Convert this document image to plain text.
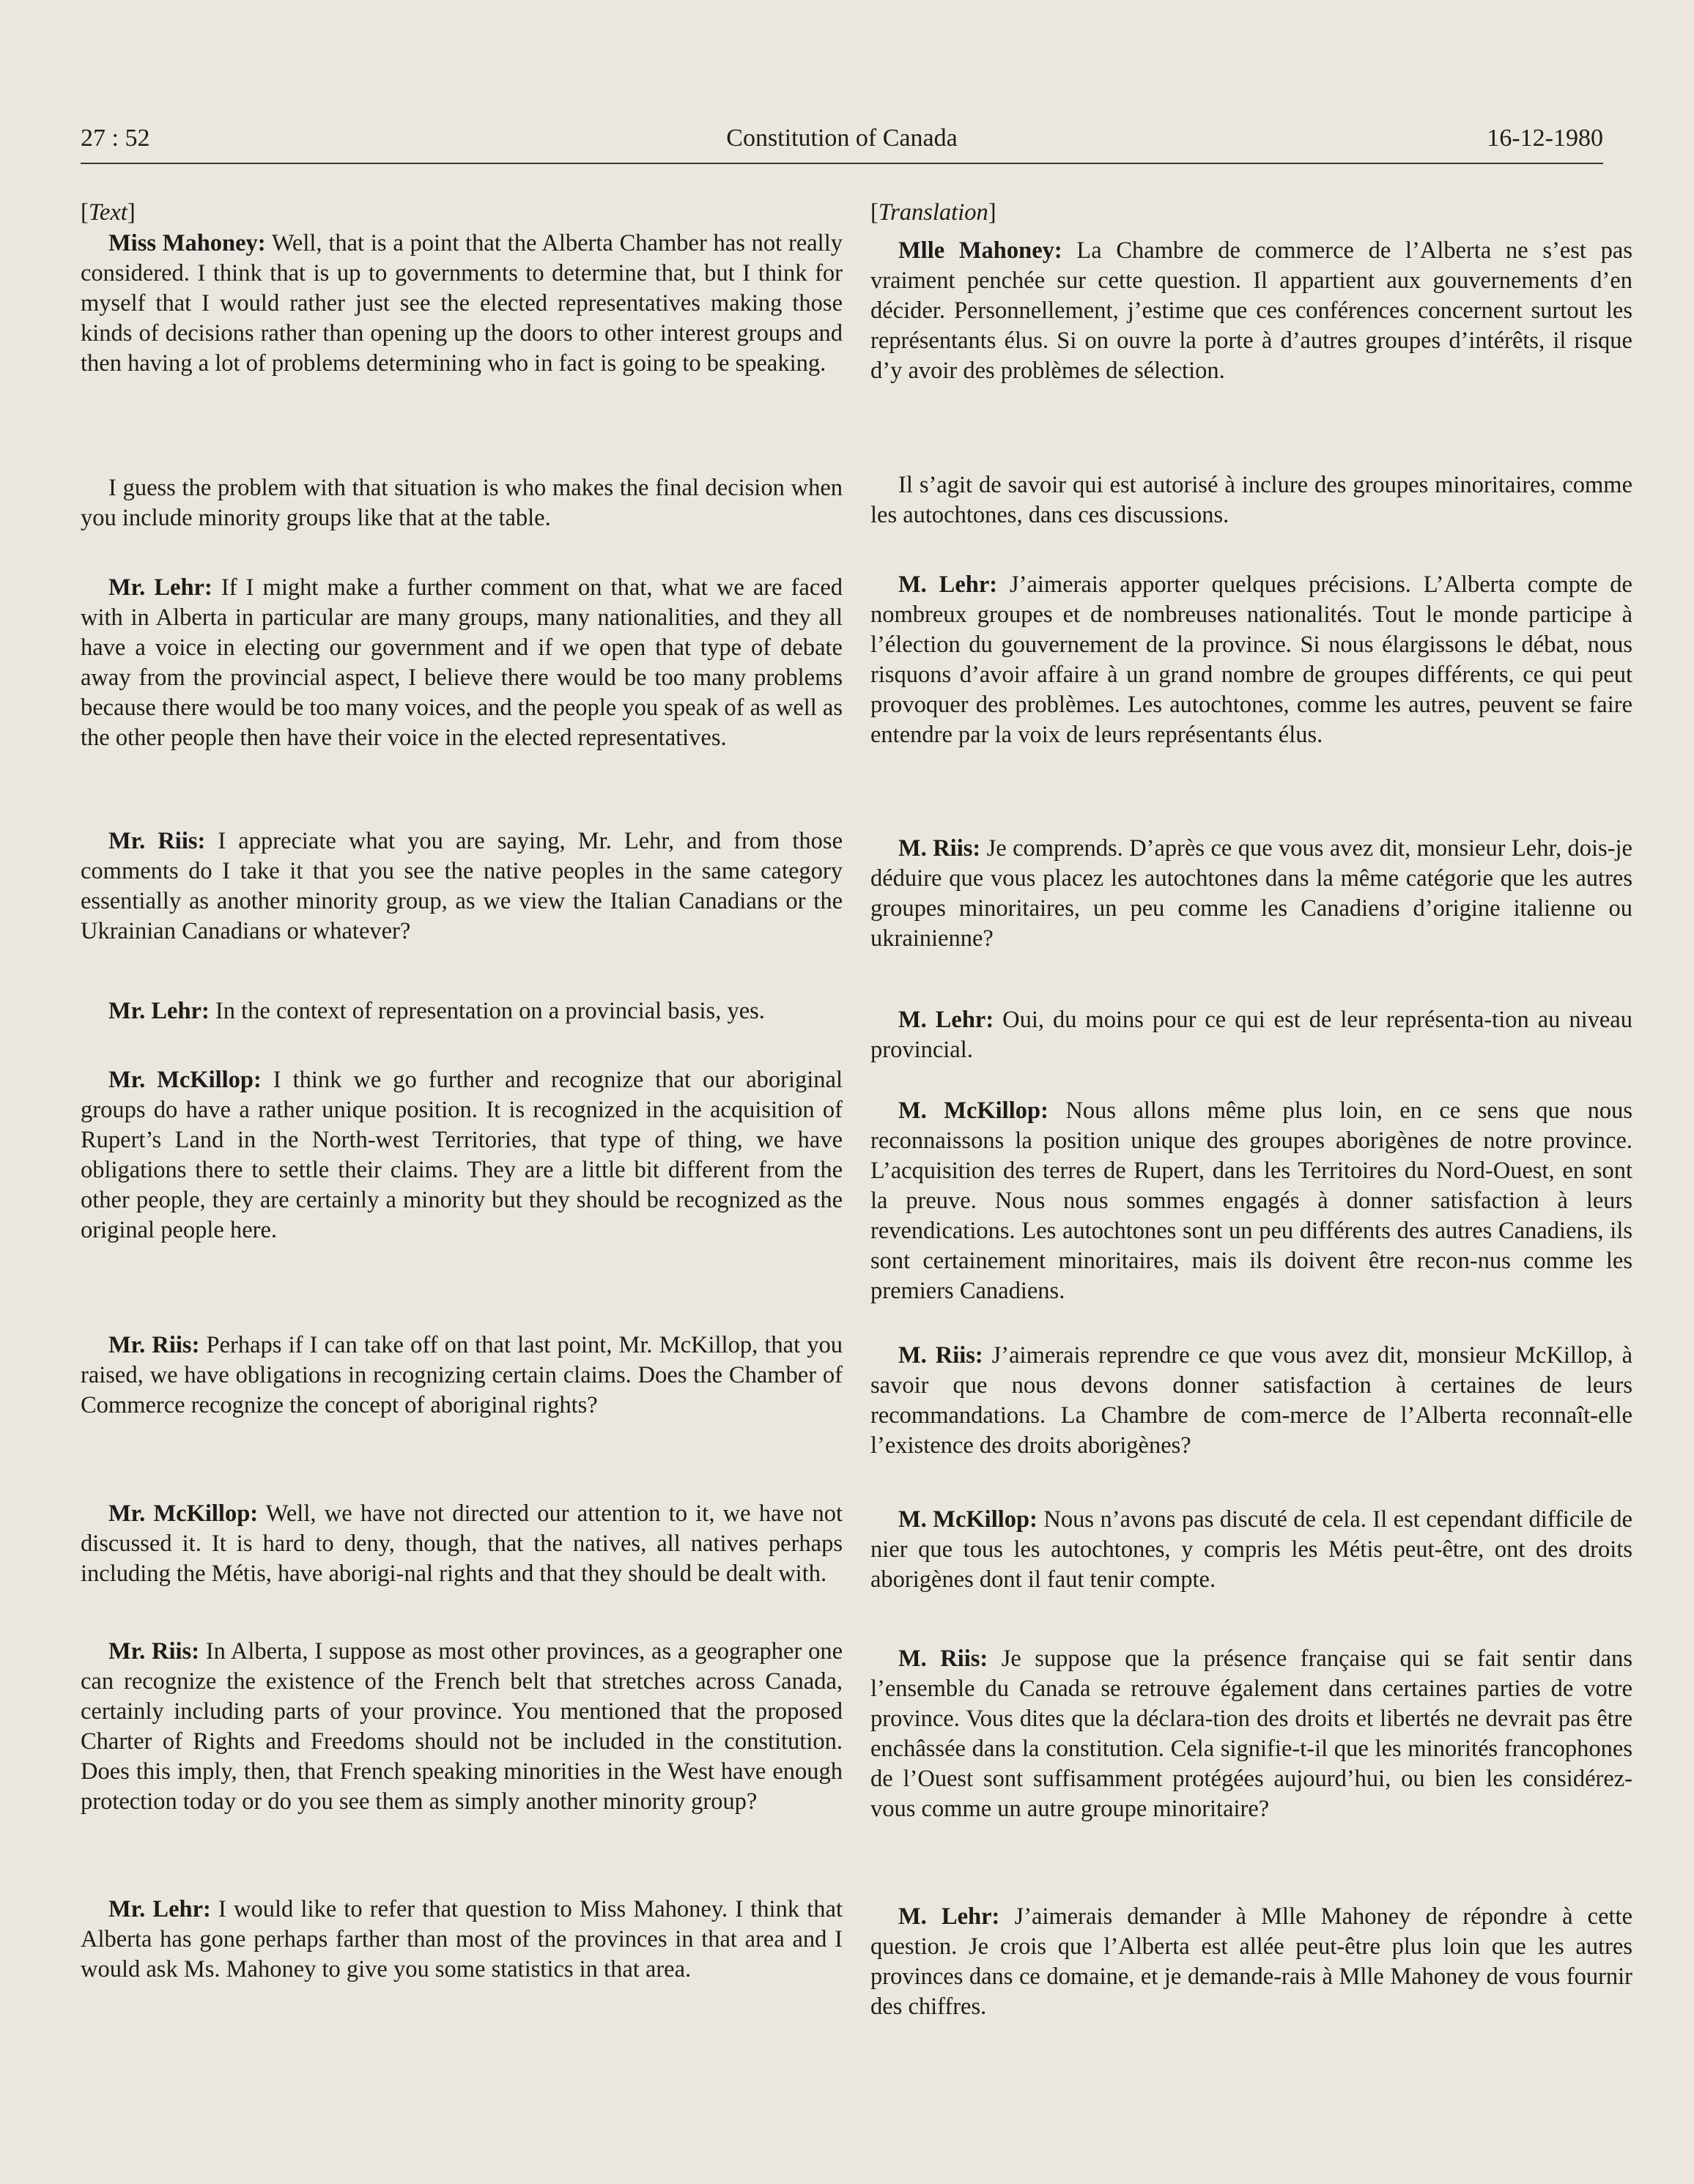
27 : 52	Constitution of Canada	16-12-1980
[Text]

Miss Mahoney: Well, that is a point that the Alberta Chamber has not really considered. I think that is up to governments to determine that, but I think for myself that I would rather just see the elected representatives making those kinds of decisions rather than opening up the doors to other interest groups and then having a lot of problems determining who in fact is going to be speaking.

I guess the problem with that situation is who makes the final decision when you include minority groups like that at the table.

Mr. Lehr: If I might make a further comment on that, what we are faced with in Alberta in particular are many groups, many nationalities, and they all have a voice in electing our government and if we open that type of debate away from the provincial aspect, I believe there would be too many problems because there would be too many voices, and the people you speak of as well as the other people then have their voice in the elected representatives.

Mr. Riis: I appreciate what you are saying, Mr. Lehr, and from those comments do I take it that you see the native peoples in the same category essentially as another minority group, as we view the Italian Canadians or the Ukrainian Canadians or whatever?

Mr. Lehr: In the context of representation on a provincial basis, yes.

Mr. McKillop: I think we go further and recognize that our aboriginal groups do have a rather unique position. It is recognized in the acquisition of Rupert’s Land in the North-west Territories, that type of thing, we have obligations there to settle their claims. They are a little bit different from the other people, they are certainly a minority but they should be recognized as the original people here.

Mr. Riis: Perhaps if I can take off on that last point, Mr. McKillop, that you raised, we have obligations in recognizing certain claims. Does the Chamber of Commerce recognize the concept of aboriginal rights?

Mr. McKillop: Well, we have not directed our attention to it, we have not discussed it. It is hard to deny, though, that the natives, all natives perhaps including the Métis, have aborigi-nal rights and that they should be dealt with.

Mr. Riis: In Alberta, I suppose as most other provinces, as a geographer one can recognize the existence of the French belt that stretches across Canada, certainly including parts of your province. You mentioned that the proposed Charter of Rights and Freedoms should not be included in the constitution. Does this imply, then, that French speaking minorities in the West have enough protection today or do you see them as simply another minority group?

Mr. Lehr: I would like to refer that question to Miss Mahoney. I think that Alberta has gone perhaps farther than most of the provinces in that area and I would ask Ms. Mahoney to give you some statistics in that area.

[Translation]

Mlle Mahoney: La Chambre de commerce de l’Alberta ne s’est pas vraiment penchée sur cette question. Il appartient aux gouvernements d’en décider. Personnellement, j’estime que ces conférences concernent surtout les représentants élus. Si on ouvre la porte à d’autres groupes d’intérêts, il risque d’y avoir des problèmes de sélection.

Il s’agit de savoir qui est autorisé à inclure des groupes minoritaires, comme les autochtones, dans ces discussions.

M. Lehr: J’aimerais apporter quelques précisions. L’Alberta compte de nombreux groupes et de nombreuses nationalités. Tout le monde participe à l’élection du gouvernement de la province. Si nous élargissons le débat, nous risquons d’avoir affaire à un grand nombre de groupes différents, ce qui peut provoquer des problèmes. Les autochtones, comme les autres, peuvent se faire entendre par la voix de leurs représentants élus.

M. Riis: Je comprends. D’après ce que vous avez dit, monsieur Lehr, dois-je déduire que vous placez les autochtones dans la même catégorie que les autres groupes minoritaires, un peu comme les Canadiens d’origine italienne ou ukrainienne?

M. Lehr: Oui, du moins pour ce qui est de leur représenta-tion au niveau provincial.

M. McKillop: Nous allons même plus loin, en ce sens que nous reconnaissons la position unique des groupes aborigènes de notre province. L’acquisition des terres de Rupert, dans les Territoires du Nord-Ouest, en sont la preuve. Nous nous sommes engagés à donner satisfaction à leurs revendications. Les autochtones sont un peu différents des autres Canadiens, ils sont certainement minoritaires, mais ils doivent être recon-nus comme les premiers Canadiens.

M. Riis: J’aimerais reprendre ce que vous avez dit, monsieur McKillop, à savoir que nous devons donner satisfaction à certaines de leurs recommandations. La Chambre de com-merce de l’Alberta reconnaît-elle l’existence des droits aborigènes?

M. McKillop: Nous n’avons pas discuté de cela. Il est cependant difficile de nier que tous les autochtones, y compris les Métis peut-être, ont des droits aborigènes dont il faut tenir compte.

M. Riis: Je suppose que la présence française qui se fait sentir dans l’ensemble du Canada se retrouve également dans certaines parties de votre province. Vous dites que la déclara-tion des droits et libertés ne devrait pas être enchâssée dans la constitution. Cela signifie-t-il que les minorités francophones de l’Ouest sont suffisamment protégées aujourd’hui, ou bien les considérez-vous comme un autre groupe minoritaire?

M. Lehr: J’aimerais demander à Mlle Mahoney de répondre à cette question. Je crois que l’Alberta est allée peut-être plus loin que les autres provinces dans ce domaine, et je demande-rais à Mlle Mahoney de vous fournir des chiffres.
